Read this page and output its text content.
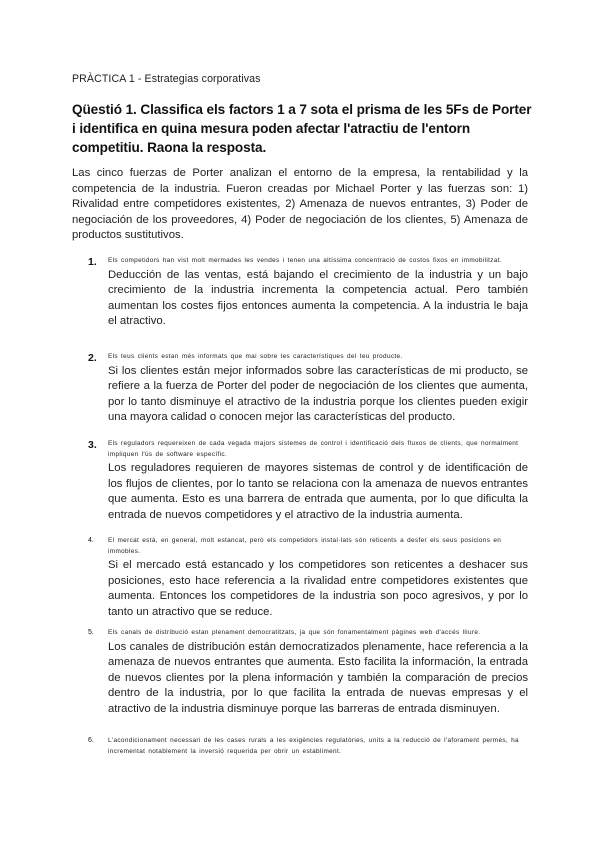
PRÀCTICA 1 - Estrategias corporativas
Qüestió 1. Classifica els factors 1 a 7 sota el prisma de les 5Fs de Porter i identifica en quina mesura poden afectar l'atractiu de l'entorn competitiu. Raona la resposta.
Las cinco fuerzas de Porter analizan el entorno de la empresa, la rentabilidad y la competencia de la industria. Fueron creadas por Michael Porter y las fuerzas son: 1) Rivalidad entre competidores existentes, 2) Amenaza de nuevos entrantes, 3) Poder de negociación de los proveedores, 4) Poder de negociación de los clientes, 5) Amenaza de productos sustitutivos.
1. Els competidors han vist molt mermades les vendes i tenen una altíssima concentració de costos fixos en immobilitzat.
Deducción de las ventas, está bajando el crecimiento de la industria y un bajo crecimiento de la industria incrementa la competencia actual. Pero también aumentan los costes fijos entonces aumenta la competencia. A la industria le baja el atractivo.
2. Els teus clients estan més informats que mai sobre les característiques del teu producte.
Si los clientes están mejor informados sobre las características de mi producto, se refiere a la fuerza de Porter del poder de negociación de los clientes que aumenta, por lo tanto disminuye el atractivo de la industria porque los clientes pueden exigir una mayora calidad o conocen mejor las características del producto.
3. Els reguladors requereixen de cada vegada majors sistemes de control i identificació dels fluxos de clients, que normalment impliquen l'ús de software específic.
Los reguladores requieren de mayores sistemas de control y de identificación de los flujos de clientes, por lo tanto se relaciona con la amenaza de nuevos entrantes que aumenta. Esto es una barrera de entrada que aumenta, por lo que dificulta la entrada de nuevos competidores y el atractivo de la industria aumenta.
4. El mercat està, en general, molt estancat, però els competidors instal·lats són reticents a desfer els seus posicions en immobles.
Si el mercado está estancado y los competidores son reticentes a deshacer sus posiciones, esto hace referencia a la rivalidad entre competidores existentes que aumenta. Entonces los competidores de la industria son poco agresivos, y por lo tanto un atractivo que se reduce.
5. Els canals de distribució estan plenament democratitzats, ja que són fonamentalment pàgines web d'accés lliure.
Los canales de distribución están democratizados plenamente, hace referencia a la amenaza de nuevos entrantes que aumenta. Esto facilita la información, la entrada de nuevos clientes por la plena información y también la comparación de precios dentro de la industria, por lo que facilita la entrada de nuevas empresas y el atractivo de la industria disminuye porque las barreras de entrada disminuyen.
6. L'acondicionament necessari de les cases rurals a les exigències regulatòries, units a la reducció de l'aforament permès, ha incrementat notablement la inversió requerida per obrir un establiment.
